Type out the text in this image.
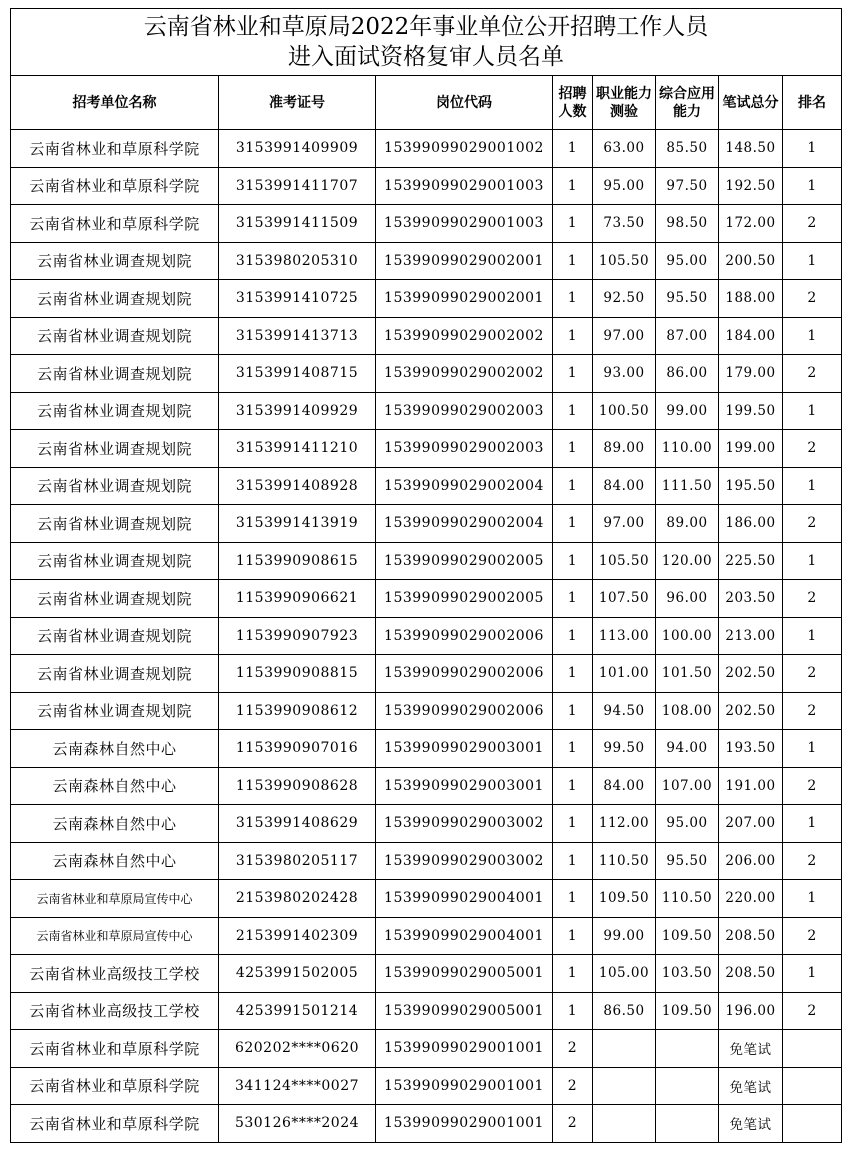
云南省林业和草原局2022年事业单位公开招聘工作人员
进入面试资格复审人员名单							

招考单位名称	准考证号	岗位代码	招聘人数	职业能力测验	综合应用能力	笔试总分	排名
云南省林业和草原科学院	3153991409909	15399099029001002	1	63.00	85.50	148.50	1
云南省林业和草原科学院	3153991411707	15399099029001003	1	95.00	97.50	192.50	1
云南省林业和草原科学院	3153991411509	15399099029001003	1	73.50	98.50	172.00	2
云南省林业调查规划院	3153980205310	15399099029002001	1	105.50	95.00	200.50	1
云南省林业调查规划院	3153991410725	15399099029002001	1	92.50	95.50	188.00	2
云南省林业调查规划院	3153991413713	15399099029002002	1	97.00	87.00	184.00	1
云南省林业调查规划院	3153991408715	15399099029002002	1	93.00	86.00	179.00	2
云南省林业调查规划院	3153991409929	15399099029002003	1	100.50	99.00	199.50	1
云南省林业调查规划院	3153991411210	15399099029002003	1	89.00	110.00	199.00	2
云南省林业调查规划院	3153991408928	15399099029002004	1	84.00	111.50	195.50	1
云南省林业调查规划院	3153991413919	15399099029002004	1	97.00	89.00	186.00	2
云南省林业调查规划院	1153990908615	15399099029002005	1	105.50	120.00	225.50	1
云南省林业调查规划院	1153990906621	15399099029002005	1	107.50	96.00	203.50	2
云南省林业调查规划院	1153990907923	15399099029002006	1	113.00	100.00	213.00	1
云南省林业调查规划院	1153990908815	15399099029002006	1	101.00	101.50	202.50	2
云南省林业调查规划院	1153990908612	15399099029002006	1	94.50	108.00	202.50	2
云南森林自然中心	1153990907016	15399099029003001	1	99.50	94.00	193.50	1
云南森林自然中心	1153990908628	15399099029003001	1	84.00	107.00	191.00	2
云南森林自然中心	3153991408629	15399099029003002	1	112.00	95.00	207.00	1
云南森林自然中心	3153980205117	15399099029003002	1	110.50	95.50	206.00	2
云南省林业和草原局宣传中心	2153980202428	15399099029004001	1	109.50	110.50	220.00	1
云南省林业和草原局宣传中心	2153991402309	15399099029004001	1	99.00	109.50	208.50	2
云南省林业高级技工学校	4253991502005	15399099029005001	1	105.00	103.50	208.50	1
云南省林业高级技工学校	4253991501214	15399099029005001	1	86.50	109.50	196.00	2
云南省林业和草原科学院	620202****0620	15399099029001001	2			免笔试	
云南省林业和草原科学院	341124****0027	15399099029001001	2			免笔试	
云南省林业和草原科学院	530126****2024	15399099029001001	2			免笔试	
